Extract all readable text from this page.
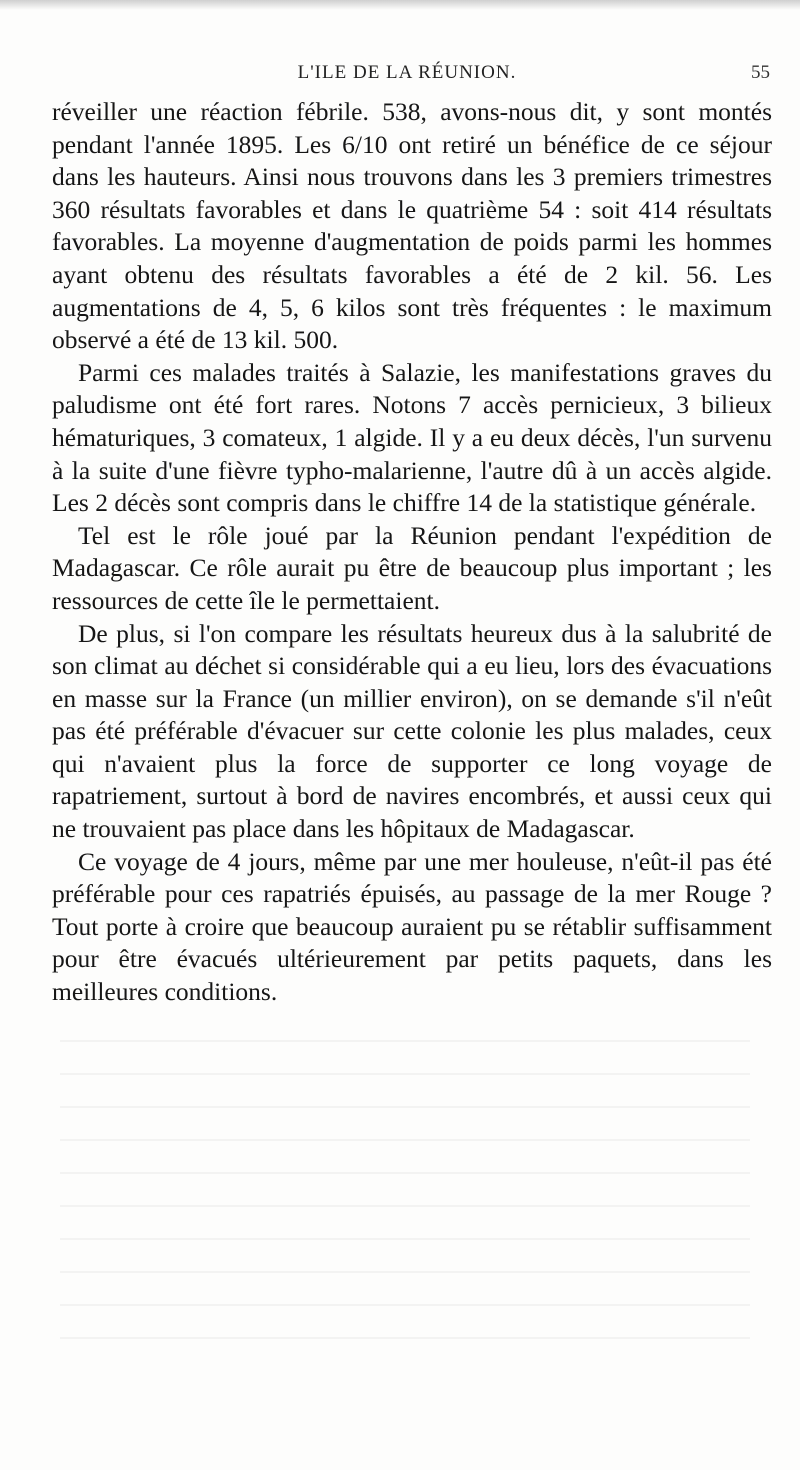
L'ILE DE LA RÉUNION.	55

réveiller une réaction fébrile. 538, avons-nous dit, y sont montés pendant l'année 1895. Les 6/10 ont retiré un bénéfice de ce séjour dans les hauteurs. Ainsi nous trouvons dans les 3 premiers trimestres 360 résultats favorables et dans le quatrième 54 : soit 414 résultats favorables. La moyenne d'augmentation de poids parmi les hommes ayant obtenu des résultats favorables a été de 2 kil. 56. Les augmentations de 4, 5, 6 kilos sont très fréquentes : le maximum observé a été de 13 kil. 500.

Parmi ces malades traités à Salazie, les manifestations graves du paludisme ont été fort rares. Notons 7 accès pernicieux, 3 bilieux hématuriques, 3 comateux, 1 algide. Il y a eu deux décès, l'un survenu à la suite d'une fièvre typho-malarienne, l'autre dû à un accès algide. Les 2 décès sont compris dans le chiffre 14 de la statistique générale.

Tel est le rôle joué par la Réunion pendant l'expédition de Madagascar. Ce rôle aurait pu être de beaucoup plus important ; les ressources de cette île le permettaient.

De plus, si l'on compare les résultats heureux dus à la salubrité de son climat au déchet si considérable qui a eu lieu, lors des évacuations en masse sur la France (un millier environ), on se demande s'il n'eût pas été préférable d'évacuer sur cette colonie les plus malades, ceux qui n'avaient plus la force de supporter ce long voyage de rapatriement, surtout à bord de navires encombrés, et aussi ceux qui ne trouvaient pas place dans les hôpitaux de Madagascar.

Ce voyage de 4 jours, même par une mer houleuse, n'eût-il pas été préférable pour ces rapatriés épuisés, au passage de la mer Rouge ? Tout porte à croire que beaucoup auraient pu se rétablir suffisamment pour être évacués ultérieurement par petits paquets, dans les meilleures conditions.
